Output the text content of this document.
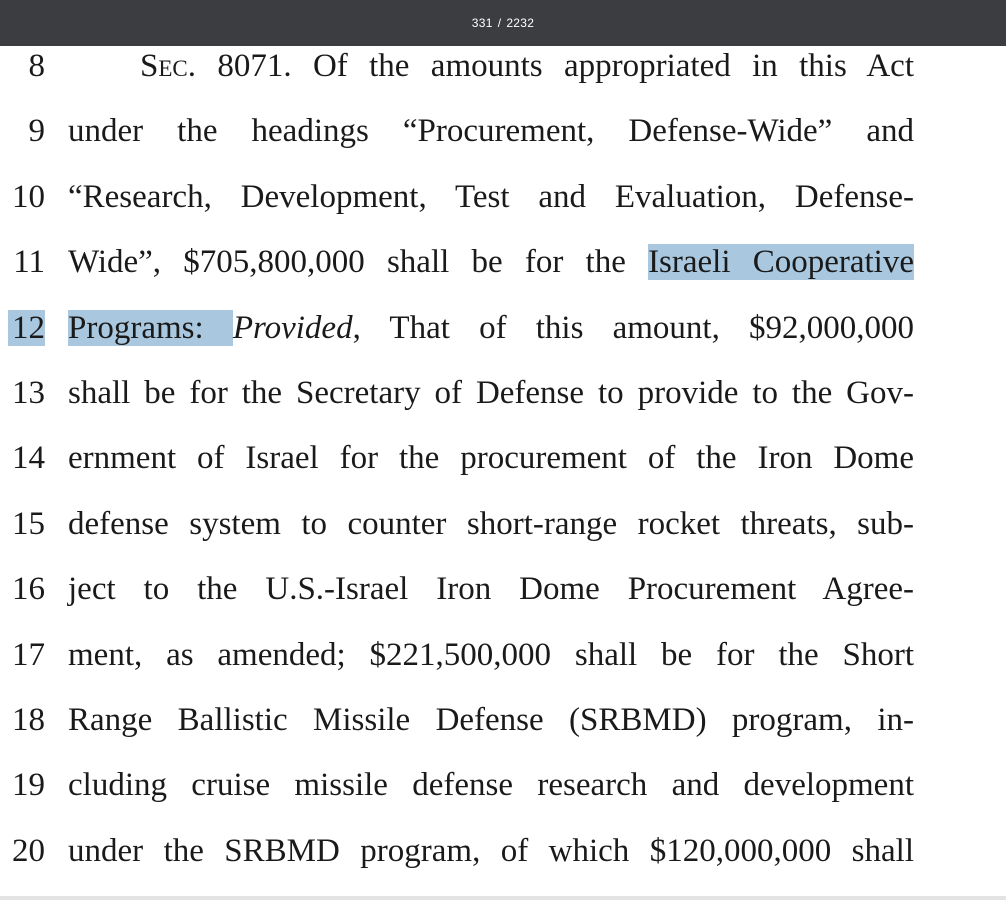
331 / 2232
8	Sec. 8071. Of the amounts appropriated in this Act
9 under the headings “Procurement, Defense-Wide” and
10 “Research, Development, Test and Evaluation, Defense-
11 Wide”, $705,800,000 shall be for the Israeli Cooperative
12 Programs: Provided, That of this amount, $92,000,000
13 shall be for the Secretary of Defense to provide to the Gov-
14 ernment of Israel for the procurement of the Iron Dome
15 defense system to counter short-range rocket threats, sub-
16 ject to the U.S.-Israel Iron Dome Procurement Agree-
17 ment, as amended; $221,500,000 shall be for the Short
18 Range Ballistic Missile Defense (SRBMD) program, in-
19 cluding cruise missile defense research and development
20 under the SRBMD program, of which $120,000,000 shall
